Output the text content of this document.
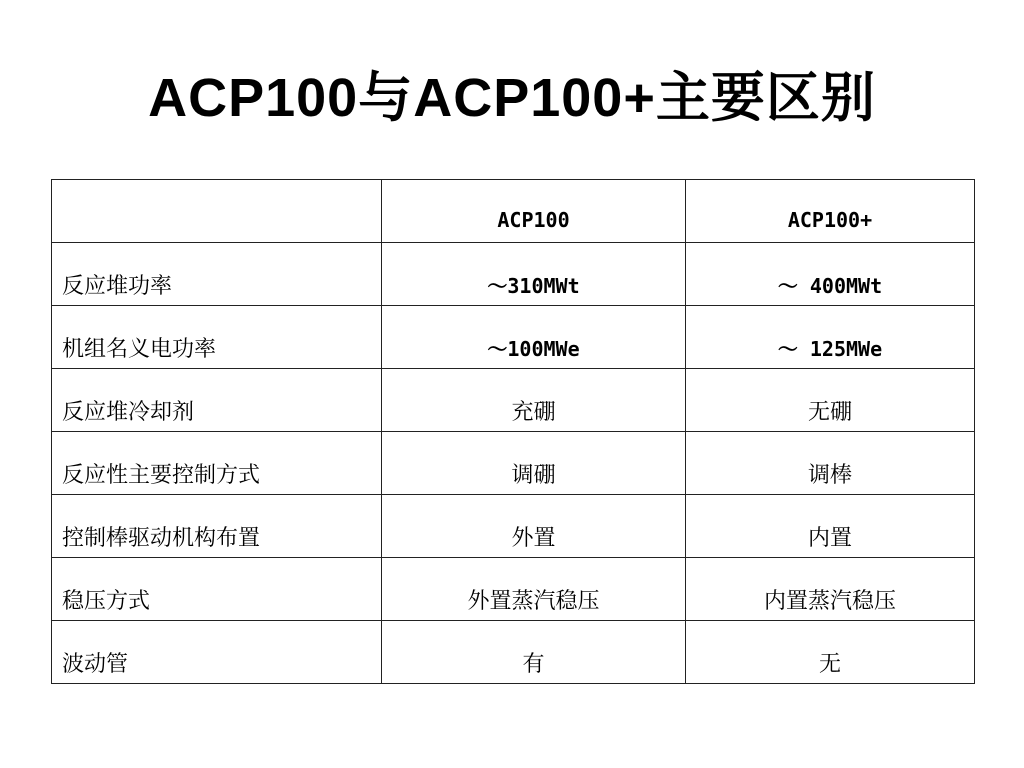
ACP100与ACP100+主要区别
	ACP100	ACP100+
反应堆功率	～310MWt	～ 400MWt
机组名义电功率	～100MWe	～ 125MWe
反应堆冷却剂	充硼	无硼
反应性主要控制方式	调硼	调棒
控制棒驱动机构布置	外置	内置
稳压方式	外置蒸汽稳压	内置蒸汽稳压
波动管	有	无
